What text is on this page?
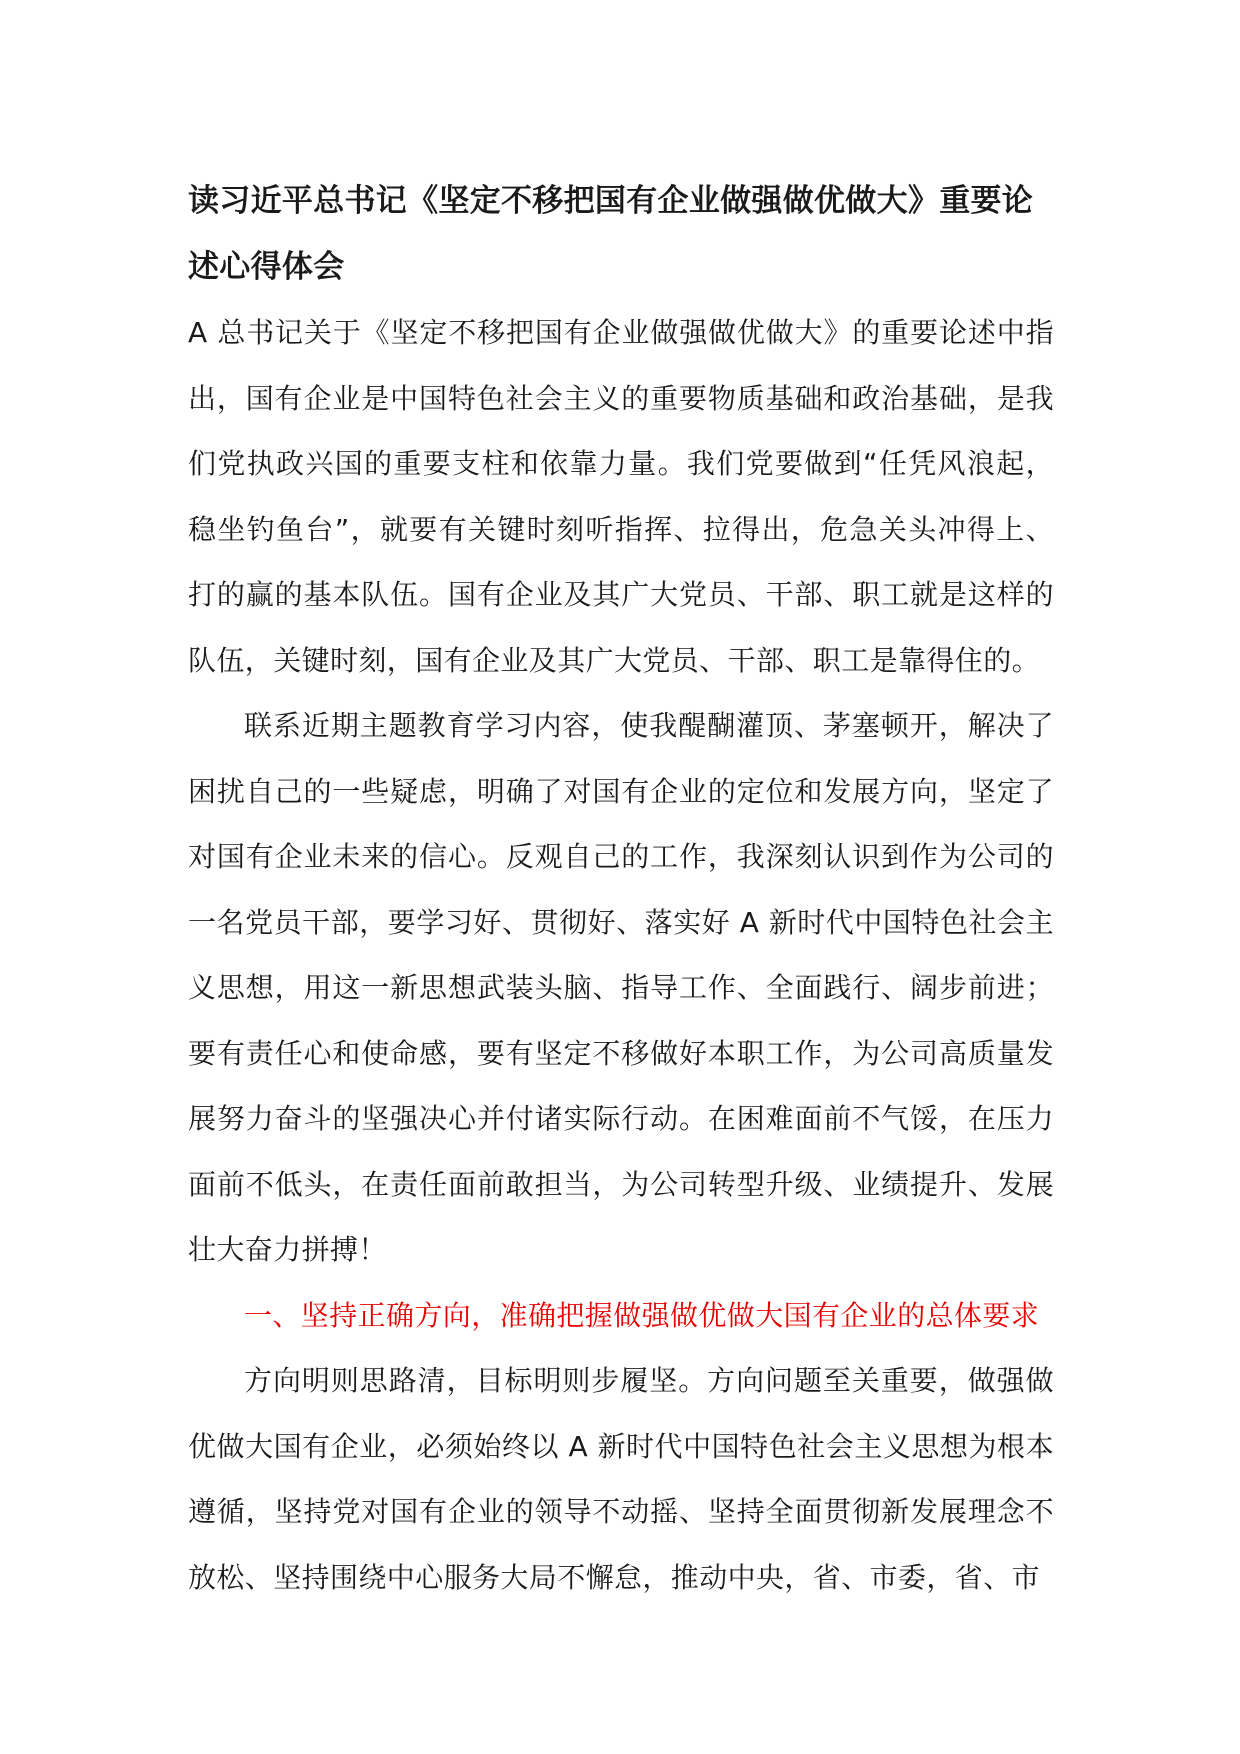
读习近平总书记《坚定不移把国有企业做强做优做大》重要论述心得体会

A 总书记关于《坚定不移把国有企业做强做优做大》的重要论述中指出，国有企业是中国特色社会主义的重要物质基础和政治基础，是我们党执政兴国的重要支柱和依靠力量。我们党要做到“任凭风浪起，稳坐钓鱼台”，就要有关键时刻听指挥、拉得出，危急关头冲得上、打的赢的基本队伍。国有企业及其广大党员、干部、职工就是这样的队伍，关键时刻，国有企业及其广大党员、干部、职工是靠得住的。

联系近期主题教育学习内容，使我醍醐灌顶、茅塞顿开，解决了困扰自己的一些疑虑，明确了对国有企业的定位和发展方向，坚定了对国有企业未来的信心。反观自己的工作，我深刻认识到作为公司的一名党员干部，要学习好、贯彻好、落实好 A 新时代中国特色社会主义思想，用这一新思想武装头脑、指导工作、全面践行、阔步前进；要有责任心和使命感，要有坚定不移做好本职工作，为公司高质量发展努力奋斗的坚强决心并付诸实际行动。在困难面前不气馁，在压力面前不低头，在责任面前敢担当，为公司转型升级、业绩提升、发展壮大奋力拼搏！

一、坚持正确方向，准确把握做强做优做大国有企业的总体要求

方向明则思路清，目标明则步履坚。方向问题至关重要，做强做优做大国有企业，必须始终以 A 新时代中国特色社会主义思想为根本遵循，坚持党对国有企业的领导不动摇、坚持全面贯彻新发展理念不放松、坚持围绕中心服务大局不懈怠，推动中央，省、市委，省、市
